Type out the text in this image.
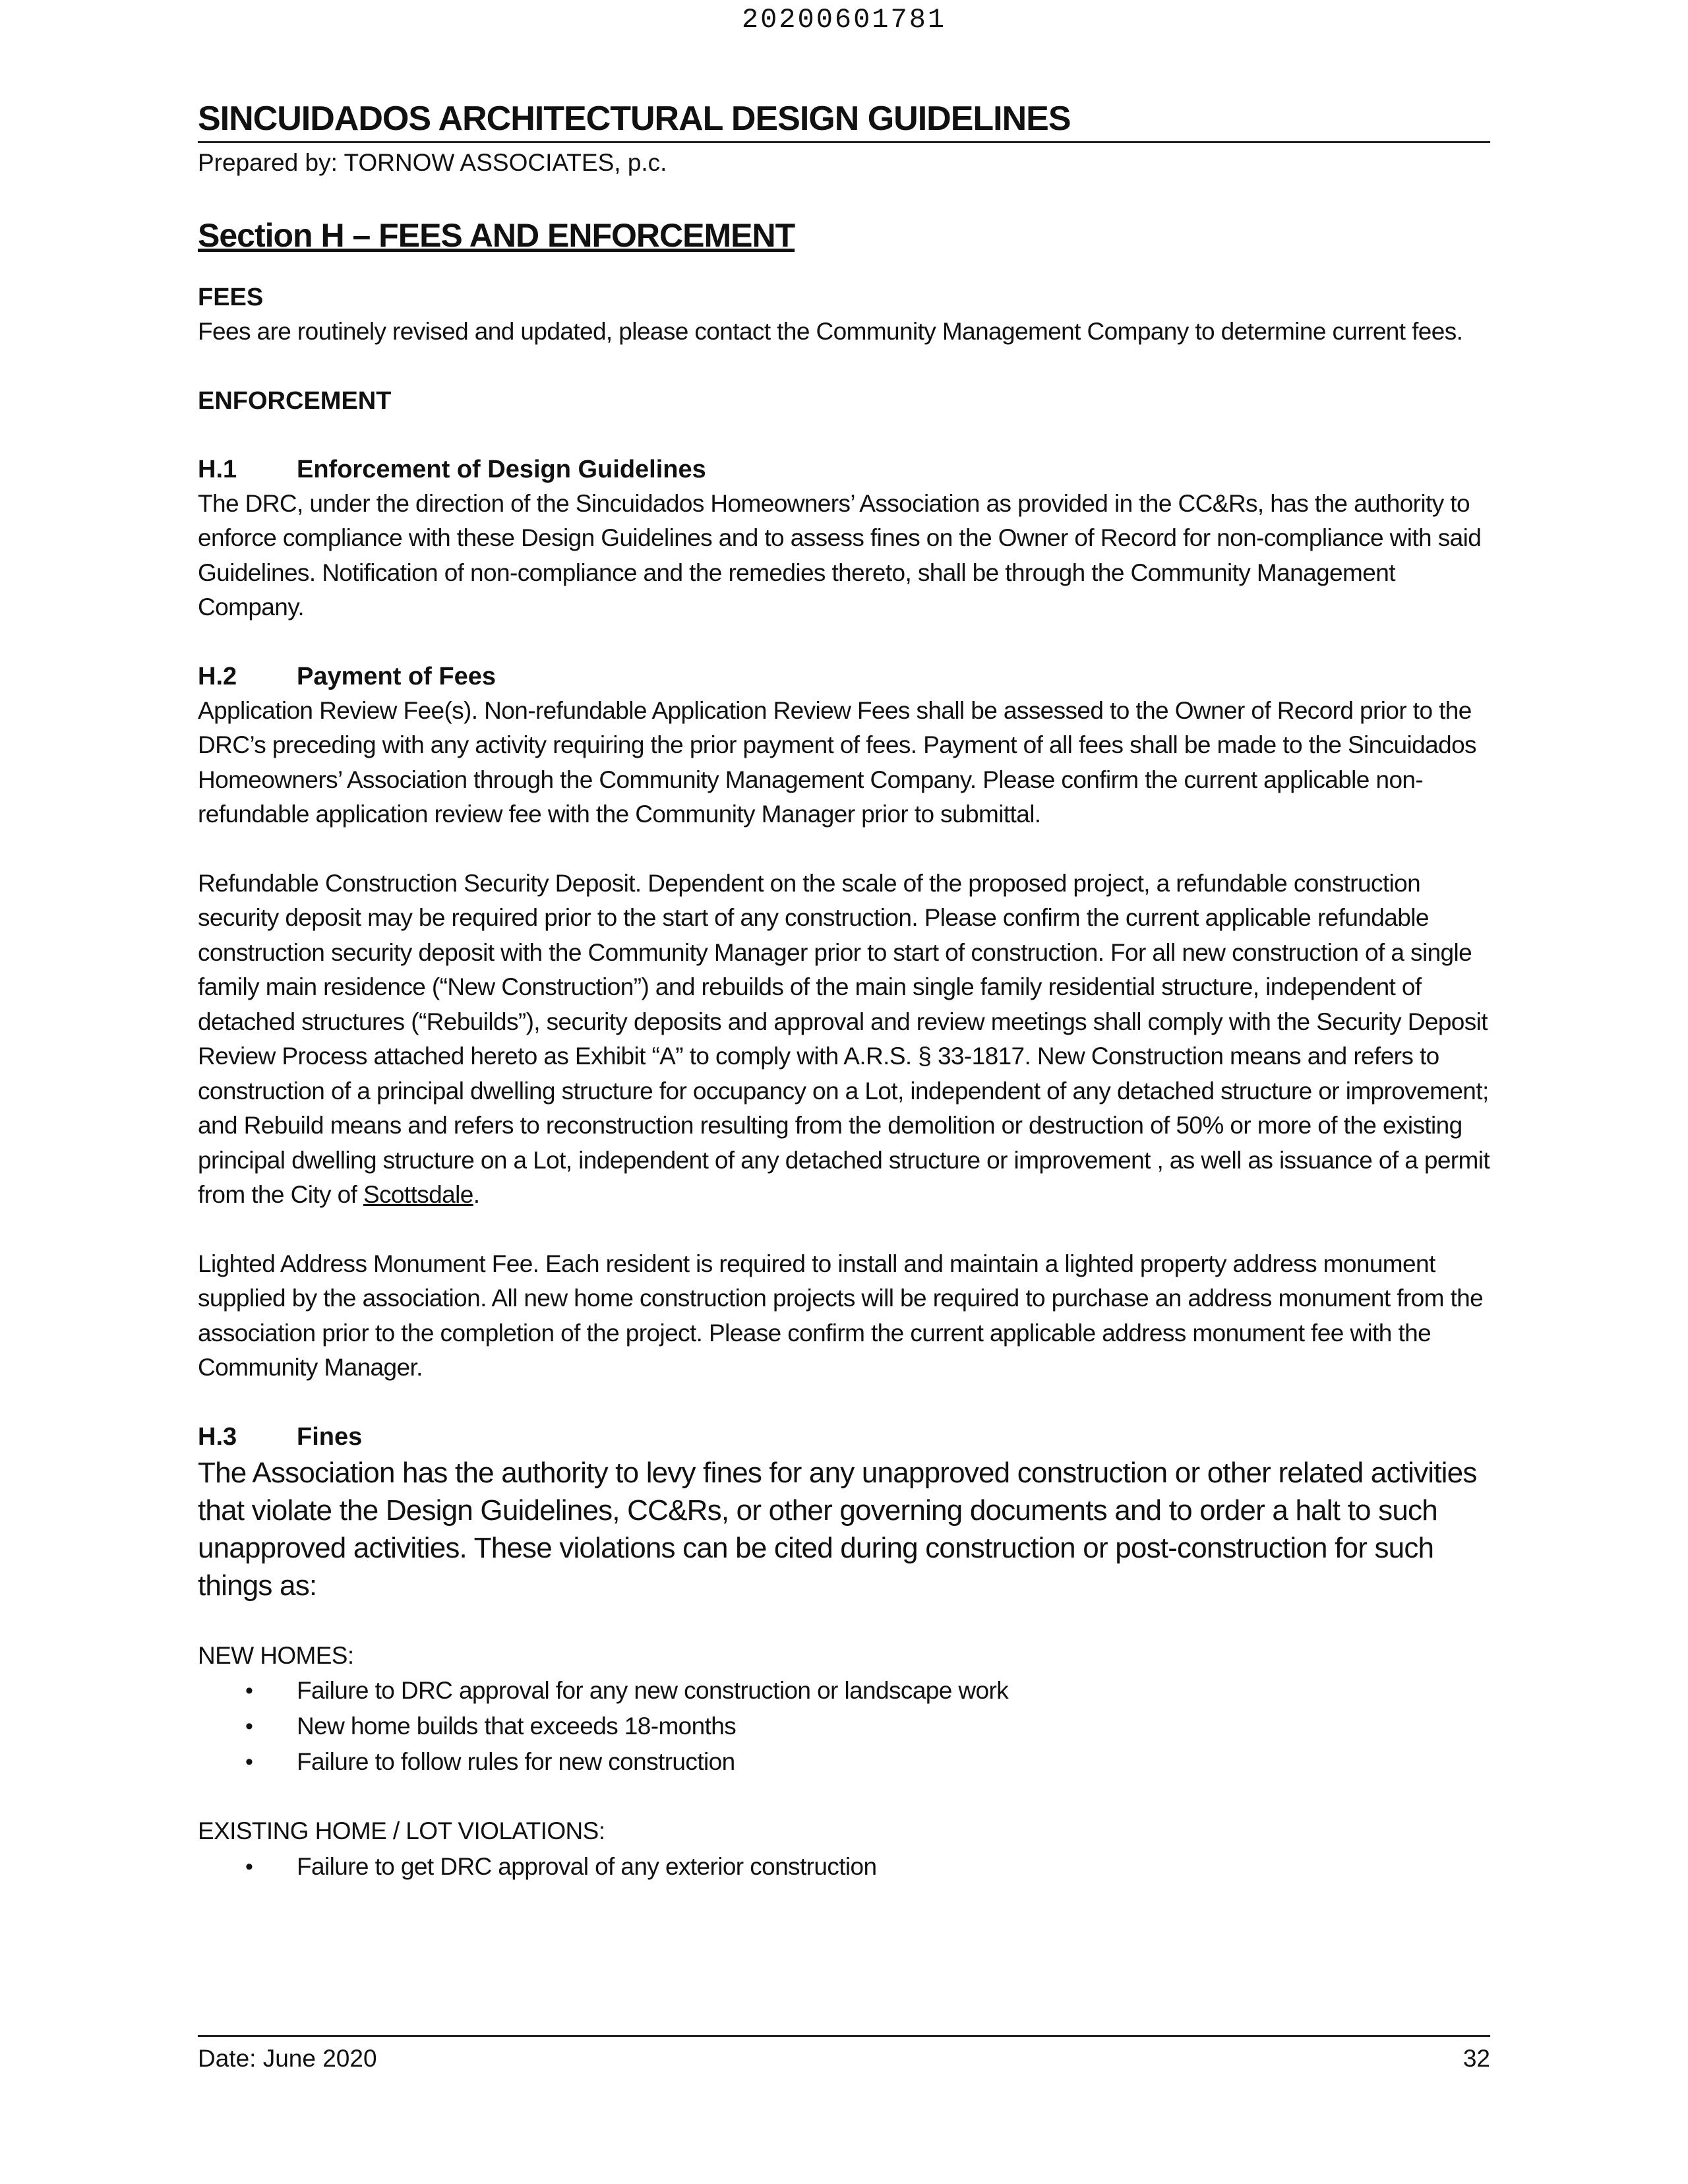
20200601781
SINCUIDADOS ARCHITECTURAL DESIGN GUIDELINES
Prepared by: TORNOW ASSOCIATES, p.c.
Section H – FEES AND ENFORCEMENT
FEES
Fees are routinely revised and updated, please contact the Community Management Company to determine current fees.
ENFORCEMENT
H.1 Enforcement of Design Guidelines
The DRC, under the direction of the Sincuidados Homeowners’ Association as provided in the CC&Rs, has the authority to enforce compliance with these Design Guidelines and to assess fines on the Owner of Record for non-compliance with said Guidelines. Notification of non-compliance and the remedies thereto, shall be through the Community Management Company.
H.2 Payment of Fees
Application Review Fee(s). Non-refundable Application Review Fees shall be assessed to the Owner of Record prior to the DRC’s preceding with any activity requiring the prior payment of fees. Payment of all fees shall be made to the Sincuidados Homeowners’ Association through the Community Management Company. Please confirm the current applicable non-refundable application review fee with the Community Manager prior to submittal.
Refundable Construction Security Deposit. Dependent on the scale of the proposed project, a refundable construction security deposit may be required prior to the start of any construction. Please confirm the current applicable refundable construction security deposit with the Community Manager prior to start of construction. For all new construction of a single family main residence (“New Construction”) and rebuilds of the main single family residential structure, independent of detached structures (“Rebuilds”), security deposits and approval and review meetings shall comply with the Security Deposit Review Process attached hereto as Exhibit “A” to comply with A.R.S. § 33-1817. New Construction means and refers to construction of a principal dwelling structure for occupancy on a Lot, independent of any detached structure or improvement; and Rebuild means and refers to reconstruction resulting from the demolition or destruction of 50% or more of the existing principal dwelling structure on a Lot, independent of any detached structure or improvement , as well as issuance of a permit from the City of Scottsdale.
Lighted Address Monument Fee. Each resident is required to install and maintain a lighted property address monument supplied by the association. All new home construction projects will be required to purchase an address monument from the association prior to the completion of the project. Please confirm the current applicable address monument fee with the Community Manager.
H.3 Fines
The Association has the authority to levy fines for any unapproved construction or other related activities that violate the Design Guidelines, CC&Rs, or other governing documents and to order a halt to such unapproved activities. These violations can be cited during construction or post-construction for such things as:
NEW HOMES:
• Failure to DRC approval for any new construction or landscape work
• New home builds that exceeds 18-months
• Failure to follow rules for new construction
EXISTING HOME / LOT VIOLATIONS:
• Failure to get DRC approval of any exterior construction
Date: June 2020	32
